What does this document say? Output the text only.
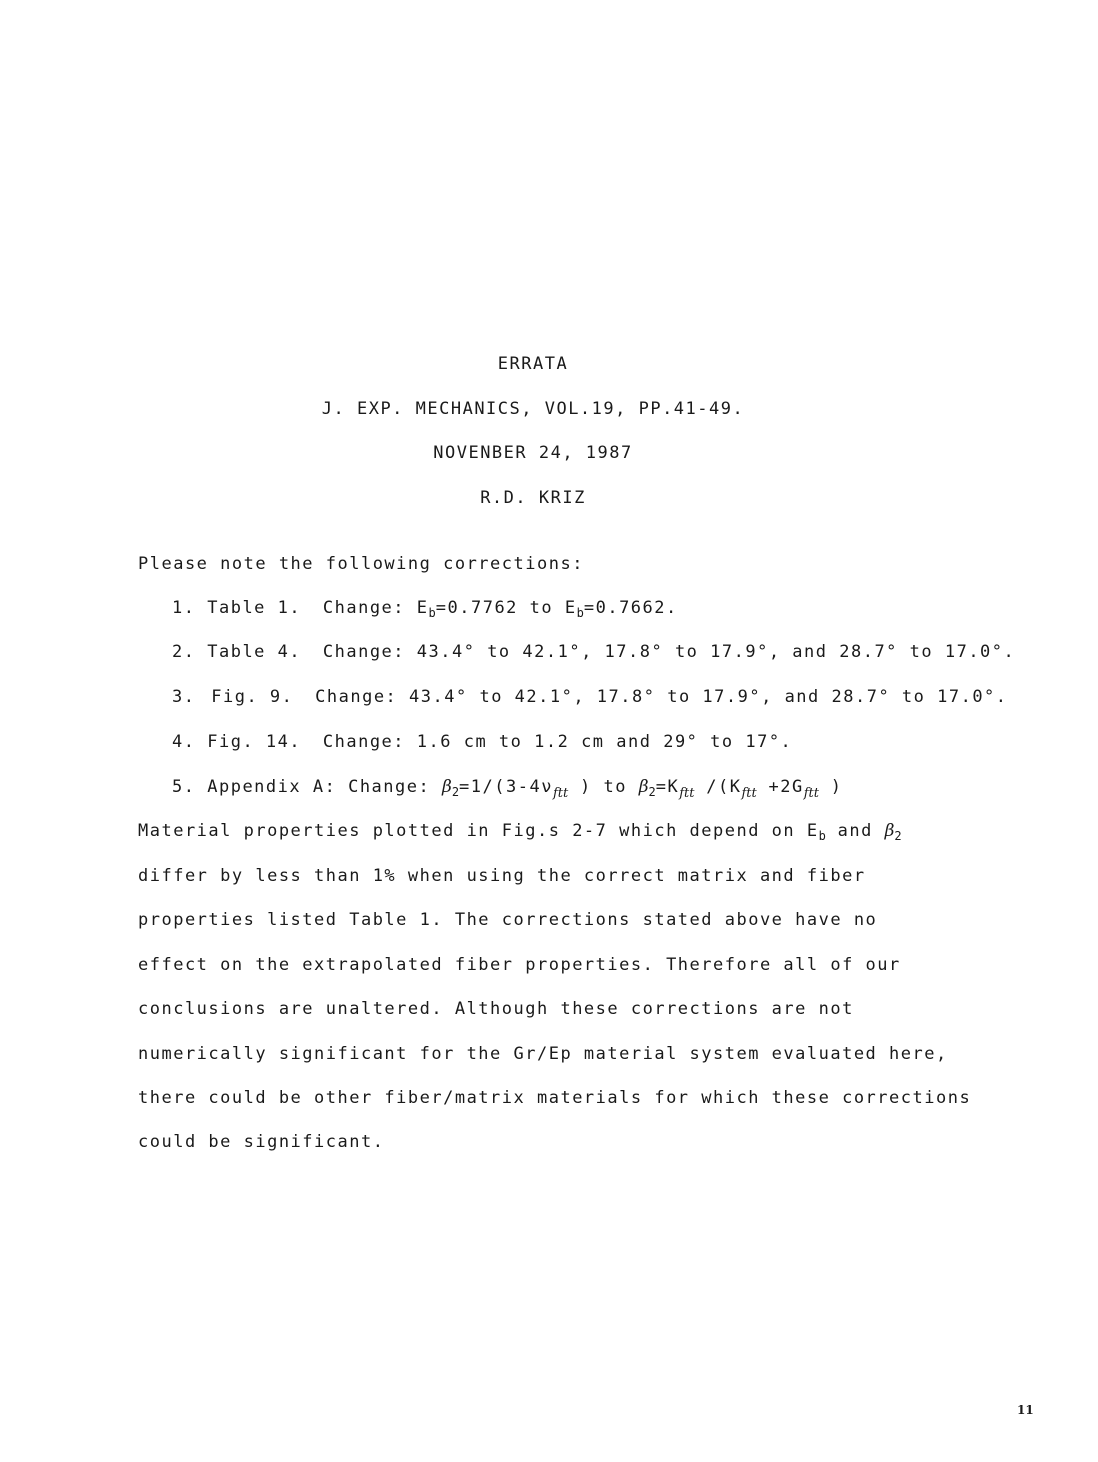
ERRATA
J. EXP. MECHANICS, VOL.19, PP.41-49.
NOVENBER 24, 1987
R.D. KRIZ
Please note the following corrections:
1. Table 1. Change: $E_b=0.7762$ to $E_b=0.7662$.
2. Table 4. Change: 43.4° to 42.1°, 17.8° to 17.9°, and 28.7° to 17.0°.
3. Fig. 9. Change: 43.4° to 42.1°, 17.8° to 17.9°, and 28.7° to 17.0°.
4. Fig. 14. Change: 1.6 cm to 1.2 cm and 29° to 17°.
5. Appendix A: Change: $\beta_2=1/(3-4\nu_{ftt}$ ) to $\beta_2=K_{ftt}$ $/(K_{ftt} +2G_{ftt}$ )
Material properties plotted in Fig.s 2-7 which depend on $E_b$ and $\beta_2$
differ by less than 1% when using the correct matrix and fiber
properties listed Table 1. The corrections stated above have no
effect on the extrapolated fiber properties. Therefore all of our
conclusions are unaltered. Although these corrections are not
numerically significant for the Gr/Ep material system evaluated here,
there could be other fiber/matrix materials for which these corrections
could be significant.
11
